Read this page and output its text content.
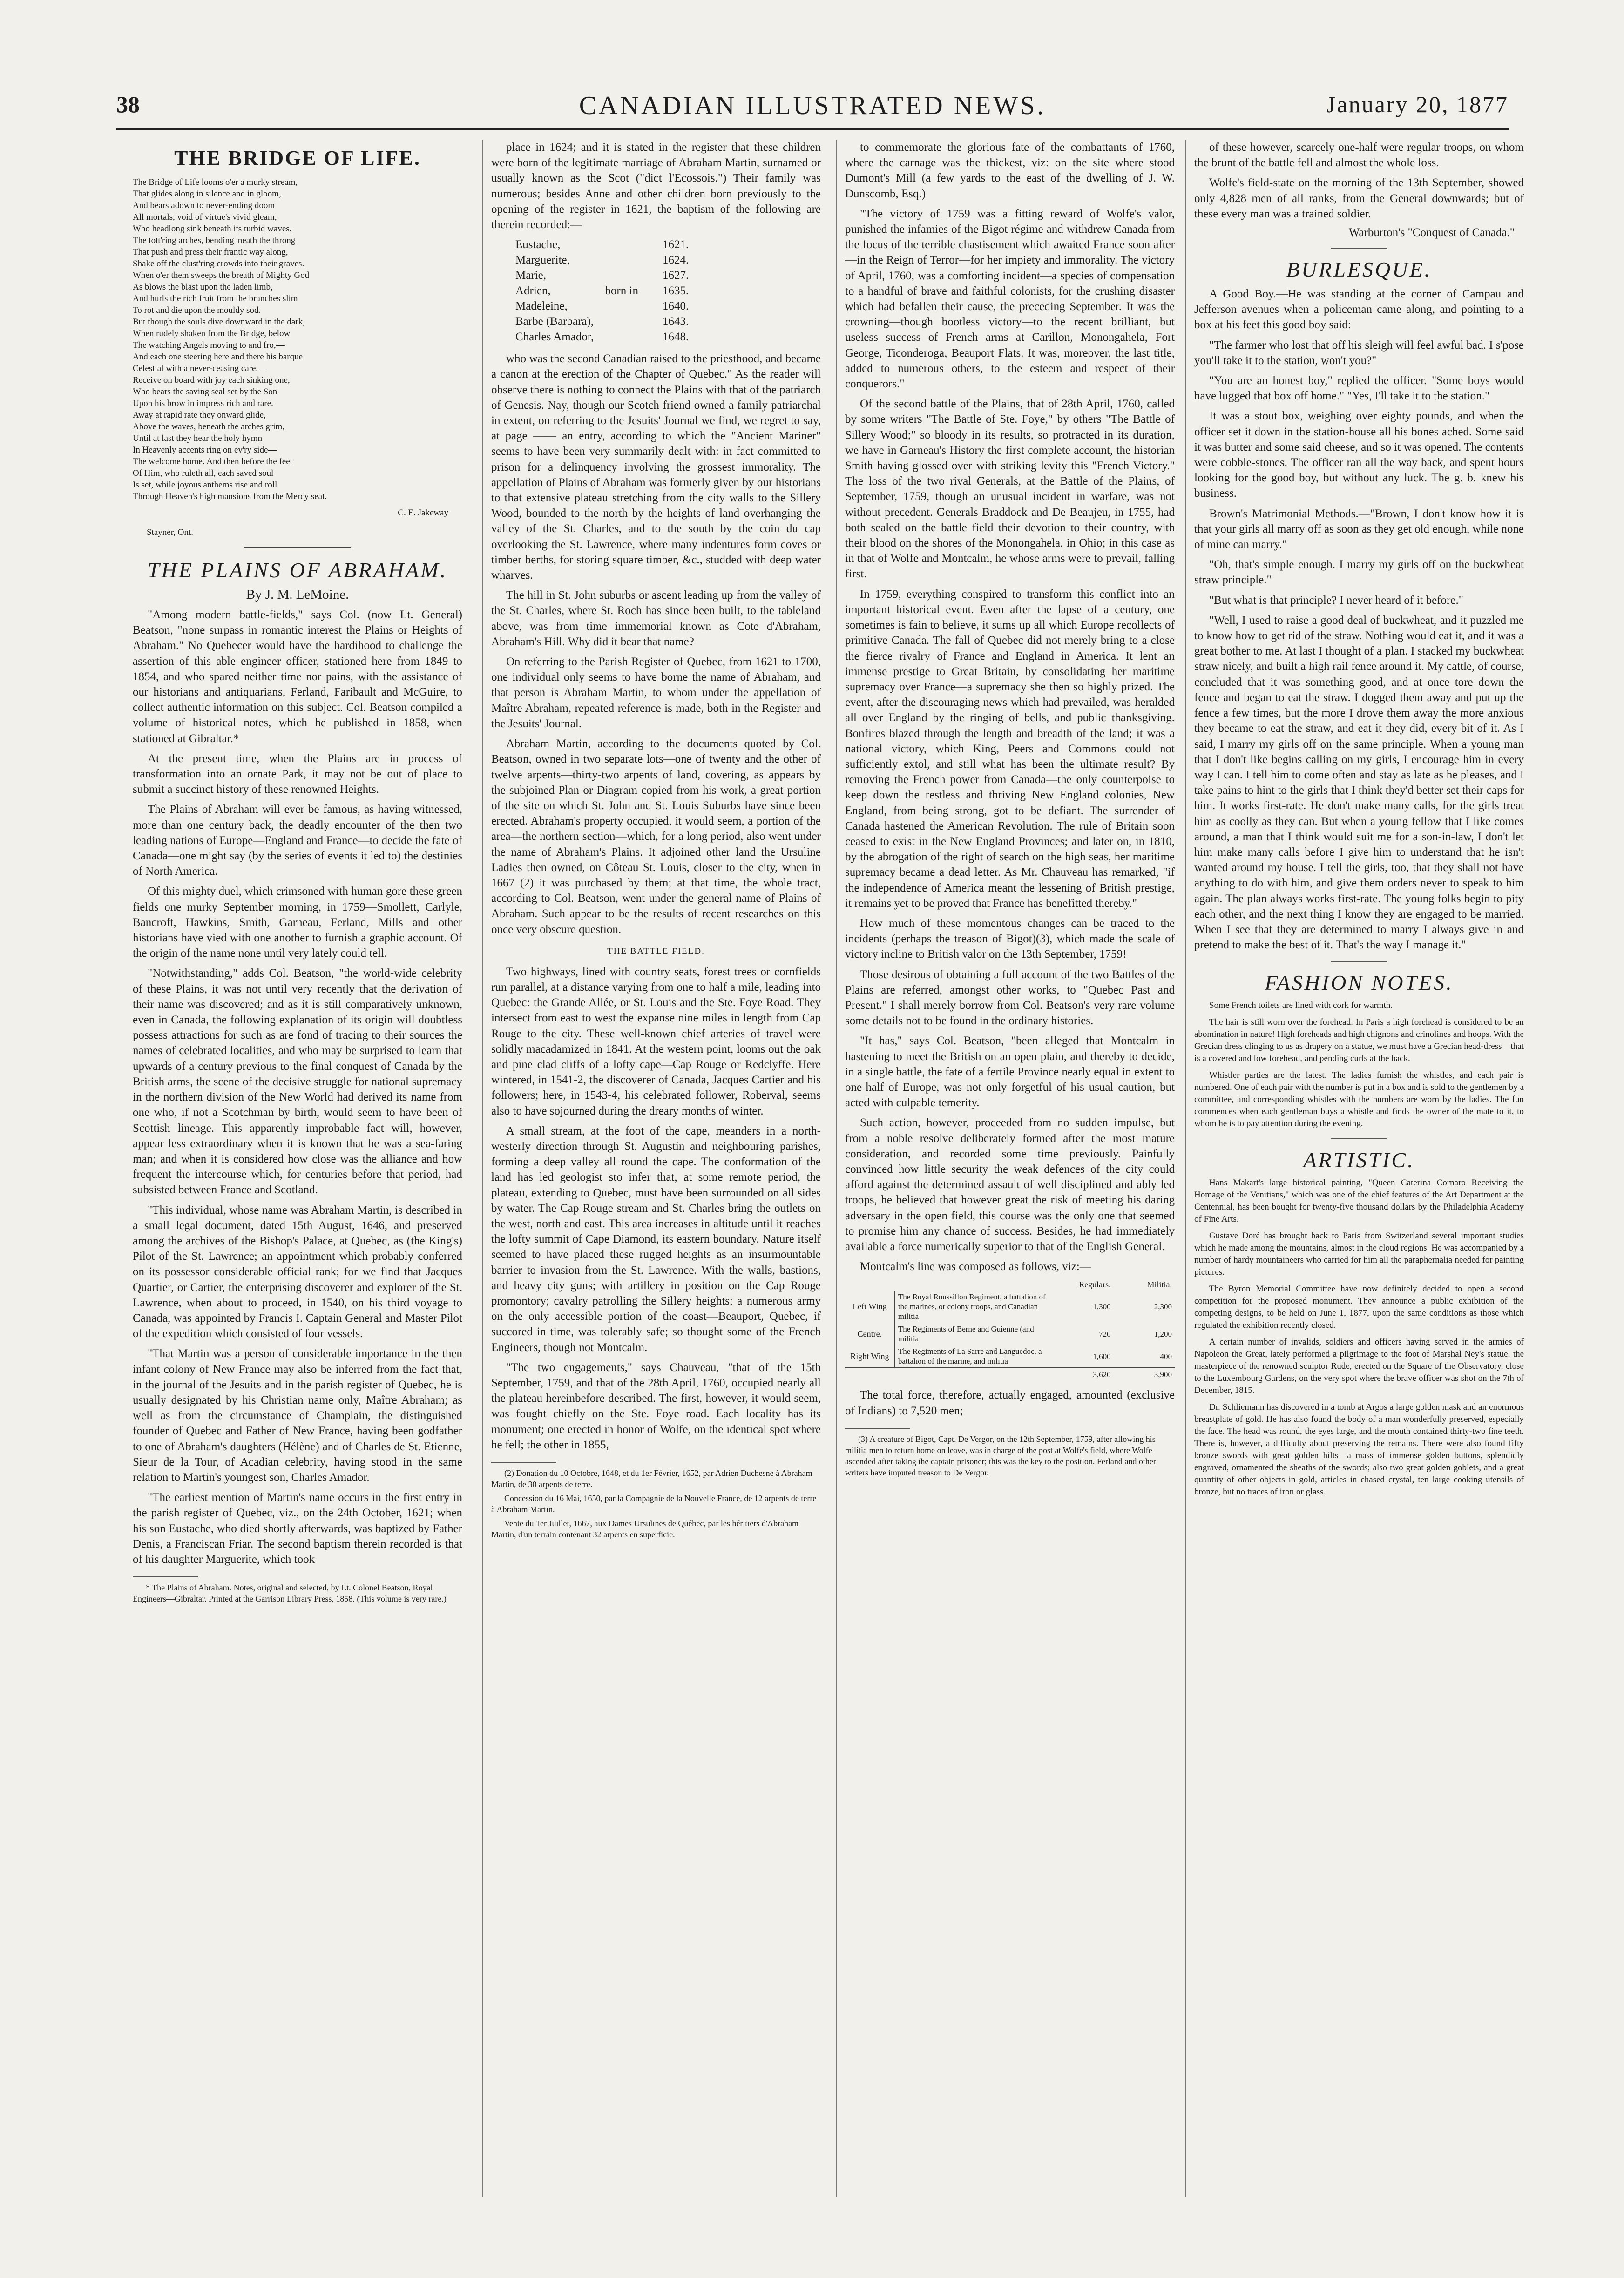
38	CANADIAN ILLUSTRATED NEWS.	January 20, 1877
THE BRIDGE OF LIFE.
The Bridge of Life looms o'er a murky stream,
That glides along in silence and in gloom,
And bears adown to never-ending doom
All mortals, void of virtue's vivid gleam,
Who headlong sink beneath its turbid waves.
The tott'ring arches, bending 'neath the throng
That push and press their frantic way along,
Shake off the clust'ring crowds into their graves.
When o'er them sweeps the breath of Mighty God
As blows the blast upon the laden limb,
And hurls the rich fruit from the branches slim
To rot and die upon the mouldy sod.
But though the souls dive downward in the dark,
When rudely shaken from the Bridge, below
The watching Angels moving to and fro,—
And each one steering here and there his barque
Celestial with a never-ceasing care,—
Receive on board with joy each sinking one,
Who bears the saving seal set by the Son
Upon his brow in impress rich and rare.
Away at rapid rate they onward glide,
Above the waves, beneath the arches grim,
Until at last they hear the holy hymn
In Heavenly accents ring on ev'ry side—
The welcome home. And then before the feet
Of Him, who ruleth all, each saved soul
Is set, while joyous anthems rise and roll
Through Heaven's high mansions from the Mercy seat.
C. E. Jakeway
Stayner, Ont.
THE PLAINS OF ABRAHAM.
By J. M. LeMoine.

"Among modern battle-fields," says Col. (now Lt. General) Beatson, "none surpass in romantic interest the Plains or Heights of Abraham." No Quebecer would have the hardihood to challenge the assertion of this able engineer officer, stationed here from 1849 to 1854, and who spared neither time nor pains, with the assistance of our historians and antiquarians, Ferland, Faribault and McGuire, to collect authentic information on this subject. Col. Beatson compiled a volume of historical notes, which he published in 1858, when stationed at Gibraltar.*

At the present time, when the Plains are in process of transformation into an ornate Park, it may not be out of place to submit a succinct history of these renowned Heights.

The Plains of Abraham will ever be famous, as having witnessed, more than one century back, the deadly encounter of the then two leading nations of Europe—England and France—to decide the fate of Canada—one might say (by the series of events it led to) the destinies of North America.

Of this mighty duel, which crimsoned with human gore these green fields one murky September morning, in 1759—Smollett, Carlyle, Bancroft, Hawkins, Smith, Garneau, Ferland, Mills and other historians have vied with one another to furnish a graphic account. Of the origin of the name none until very lately could tell.

"Notwithstanding," adds Col. Beatson, "the world-wide celebrity of these Plains, it was not until very recently that the derivation of their name was discovered; and as it is still comparatively unknown, even in Canada, the following explanation of its origin will doubtless possess attractions for such as are fond of tracing to their sources the names of celebrated localities, and who may be surprised to learn that upwards of a century previous to the final conquest of Canada by the British arms, the scene of the decisive struggle for national supremacy in the northern division of the New World had derived its name from one who, if not a Scotchman by birth, would seem to have been of Scottish lineage. This apparently improbable fact will, however, appear less extraordinary when it is known that he was a sea-faring man; and when it is considered how close was the alliance and how frequent the intercourse which, for centuries before that period, had subsisted between France and Scotland.

"This individual, whose name was Abraham Martin, is described in a small legal document, dated 15th August, 1646, and preserved among the archives of the Bishop's Palace, at Quebec, as (the King's) Pilot of the St. Lawrence; an appointment which probably conferred on its possessor considerable official rank; for we find that Jacques Quartier, or Cartier, the enterprising discoverer and explorer of the St. Lawrence, when about to proceed, in 1540, on his third voyage to Canada, was appointed by Francis I. Captain General and Master Pilot of the expedition which consisted of four vessels.

"That Martin was a person of considerable importance in the then infant colony of New France may also be inferred from the fact that, in the journal of the Jesuits and in the parish register of Quebec, he is usually designated by his Christian name only, Maître Abraham; as well as from the circumstance of Champlain, the distinguished founder of Quebec and Father of New France, having been godfather to one of Abraham's daughters (Hélène) and of Charles de St. Etienne, Sieur de la Tour, of Acadian celebrity, having stood in the same relation to Martin's youngest son, Charles Amador.

"The earliest mention of Martin's name occurs in the first entry in the parish register of Quebec, viz., on the 24th October, 1621; when his son Eustache, who died shortly afterwards, was baptized by Father Denis, a Franciscan Friar. The second baptism therein recorded is that of his daughter Marguerite, which took

* The Plains of Abraham. Notes, original and selected, by Lt. Colonel Beatson, Royal Engineers—Gibraltar. Printed at the Garrison Library Press, 1858. (This volume is very rare.)

place in 1624; and it is stated in the register that these children were born of the legitimate marriage of Abraham Martin, surnamed or usually known as the Scot ("dict l'Ecossois.") Their family was numerous; besides Anne and other children born previously to the opening of the register in 1621, the baptism of the following are therein recorded:—

Eustache,		1621.
Marguerite,		1624.
Marie,		1627.
Adrien,	born in	1635.
Madeleine,		1640.
Barbe (Barbara),		1643.
Charles Amador,		1648.

who was the second Canadian raised to the priesthood, and became a canon at the erection of the Chapter of Quebec." As the reader will observe there is nothing to connect the Plains with that of the patriarch of Genesis. Nay, though our Scotch friend owned a family patriarchal in extent, on referring to the Jesuits' Journal we find, we regret to say, at page —— an entry, according to which the "Ancient Mariner" seems to have been very summarily dealt with: in fact committed to prison for a delinquency involving the grossest immorality. The appellation of Plains of Abraham was formerly given by our historians to that extensive plateau stretching from the city walls to the Sillery Wood, bounded to the north by the heights of land overhanging the valley of the St. Charles, and to the south by the coin du cap overlooking the St. Lawrence, where many indentures form coves or timber berths, for storing square timber, &c., studded with deep water wharves.

The hill in St. John suburbs or ascent leading up from the valley of the St. Charles, where St. Roch has since been built, to the tableland above, was from time immemorial known as Cote d'Abraham, Abraham's Hill. Why did it bear that name?

On referring to the Parish Register of Quebec, from 1621 to 1700, one individual only seems to have borne the name of Abraham, and that person is Abraham Martin, to whom under the appellation of Maître Abraham, repeated reference is made, both in the Register and the Jesuits' Journal.

Abraham Martin, according to the documents quoted by Col. Beatson, owned in two separate lots—one of twenty and the other of twelve arpents—thirty-two arpents of land, covering, as appears by the subjoined Plan or Diagram copied from his work, a great portion of the site on which St. John and St. Louis Suburbs have since been erected. Abraham's property occupied, it would seem, a portion of the area—the northern section—which, for a long period, also went under the name of Abraham's Plains. It adjoined other land the Ursuline Ladies then owned, on Côteau St. Louis, closer to the city, when in 1667 (2) it was purchased by them; at that time, the whole tract, according to Col. Beatson, went under the general name of Plains of Abraham. Such appear to be the results of recent researches on this once very obscure question.

THE BATTLE FIELD.

Two highways, lined with country seats, forest trees or cornfields run parallel, at a distance varying from one to half a mile, leading into Quebec: the Grande Allée, or St. Louis and the Ste. Foye Road. They intersect from east to west the expanse nine miles in length from Cap Rouge to the city. These well-known chief arteries of travel were solidly macadamized in 1841. At the western point, looms out the oak and pine clad cliffs of a lofty cape—Cap Rouge or Redclyffe. Here wintered, in 1541-2, the discoverer of Canada, Jacques Cartier and his followers; here, in 1543-4, his celebrated follower, Roberval, seems also to have sojourned during the dreary months of winter.

A small stream, at the foot of the cape, meanders in a north-westerly direction through St. Augustin and neighbouring parishes, forming a deep valley all round the cape. The conformation of the land has led geologist sto infer that, at some remote period, the plateau, extending to Quebec, must have been surrounded on all sides by water. The Cap Rouge stream and St. Charles bring the outlets on the west, north and east. This area increases in altitude until it reaches the lofty summit of Cape Diamond, its eastern boundary. Nature itself seemed to have placed these rugged heights as an insurmountable barrier to invasion from the St. Lawrence. With the walls, bastions, and heavy city guns; with artillery in position on the Cap Rouge promontory; cavalry patrolling the Sillery heights; a numerous army on the only accessible portion of the coast—Beauport, Quebec, if succored in time, was tolerably safe; so thought some of the French Engineers, though not Montcalm.

"The two engagements," says Chauveau, "that of the 15th September, 1759, and that of the 28th April, 1760, occupied nearly all the plateau hereinbefore described. The first, however, it would seem, was fought chiefly on the Ste. Foye road. Each locality has its monument; one erected in honor of Wolfe, on the identical spot where he fell; the other in 1855,

(2) Donation du 10 Octobre, 1648, et du 1er Février, 1652, par Adrien Duchesne à Abraham Martin, de 30 arpents de terre.
Concession du 16 Mai, 1650, par la Compagnie de la Nouvelle France, de 12 arpents de terre à Abraham Martin.
Vente du 1er Juillet, 1667, aux Dames Ursulines de Québec, par les héritiers d'Abraham Martin, d'un terrain contenant 32 arpents en superficie.

to commemorate the glorious fate of the combattants of 1760, where the carnage was the thickest, viz: on the site where stood Dumont's Mill (a few yards to the east of the dwelling of J. W. Dunscomb, Esq.)

"The victory of 1759 was a fitting reward of Wolfe's valor, punished the infamies of the Bigot régime and withdrew Canada from the focus of the terrible chastisement which awaited France soon after—in the Reign of Terror—for her impiety and immorality. The victory of April, 1760, was a comforting incident—a species of compensation to a handful of brave and faithful colonists, for the crushing disaster which had befallen their cause, the preceding September. It was the crowning—though bootless victory—to the recent brilliant, but useless success of French arms at Carillon, Monongahela, Fort George, Ticonderoga, Beauport Flats. It was, moreover, the last title, added to numerous others, to the esteem and respect of their conquerors."

Of the second battle of the Plains, that of 28th April, 1760, called by some writers "The Battle of Ste. Foye," by others "The Battle of Sillery Wood;" so bloody in its results, so protracted in its duration, we have in Garneau's History the first complete account, the historian Smith having glossed over with striking levity this "French Victory." The loss of the two rival Generals, at the Battle of the Plains, of September, 1759, though an unusual incident in warfare, was not without precedent. Generals Braddock and De Beaujeu, in 1755, had both sealed on the battle field their devotion to their country, with their blood on the shores of the Monongahela, in Ohio; in this case as in that of Wolfe and Montcalm, he whose arms were to prevail, falling first.

In 1759, everything conspired to transform this conflict into an important historical event. Even after the lapse of a century, one sometimes is fain to believe, it sums up all which Europe recollects of primitive Canada. The fall of Quebec did not merely bring to a close the fierce rivalry of France and England in America. It lent an immense prestige to Great Britain, by consolidating her maritime supremacy over France—a supremacy she then so highly prized. The event, after the discouraging news which had prevailed, was heralded all over England by the ringing of bells, and public thanksgiving. Bonfires blazed through the length and breadth of the land; it was a national victory, which King, Peers and Commons could not sufficiently extol, and still what has been the ultimate result? By removing the French power from Canada—the only counterpoise to keep down the restless and thriving New England colonies, New England, from being strong, got to be defiant. The surrender of Canada hastened the American Revolution. The rule of Britain soon ceased to exist in the New England Provinces; and later on, in 1810, by the abrogation of the right of search on the high seas, her maritime supremacy became a dead letter. As Mr. Chauveau has remarked, "if the independence of America meant the lessening of British prestige, it remains yet to be proved that France has benefitted thereby."

How much of these momentous changes can be traced to the incidents (perhaps the treason of Bigot)(3), which made the scale of victory incline to British valor on the 13th September, 1759!

Those desirous of obtaining a full account of the two Battles of the Plains are referred, amongst other works, to "Quebec Past and Present." I shall merely borrow from Col. Beatson's very rare volume some details not to be found in the ordinary histories.

"It has," says Col. Beatson, "been alleged that Montcalm in hastening to meet the British on an open plain, and thereby to decide, in a single battle, the fate of a fertile Province nearly equal in extent to one-half of Europe, was not only forgetful of his usual caution, but acted with culpable temerity.

Such action, however, proceeded from no sudden impulse, but from a noble resolve deliberately formed after the most mature consideration, and recorded some time previously. Painfully convinced how little security the weak defences of the city could afford against the determined assault of well disciplined and ably led troops, he believed that however great the risk of meeting his daring adversary in the open field, this course was the only one that seemed to promise him any chance of success. Besides, he had immediately available a force numerically superior to that of the English General.

Montcalm's line was composed as follows, viz:—

		Regulars.	Militia.
Left Wing	The Royal Roussillon Regiment, a battalion of the marines, or colony troops, and Canadian militia	1,300	2,300
Centre.	The Regiments of Berne and Guienne (and militia	720	1,200
Right Wing	The Regiments of La Sarre and Languedoc, a battalion of the marine, and militia	1,600	400
		3,620	3,900

The total force, therefore, actually engaged, amounted (exclusive of Indians) to 7,520 men;

(3) A creature of Bigot, Capt. De Vergor, on the 12th September, 1759, after allowing his militia men to return home on leave, was in charge of the post at Wolfe's field, where Wolfe ascended after taking the captain prisoner; this was the key to the position. Ferland and other writers have imputed treason to De Vergor.

of these however, scarcely one-half were regular troops, on whom the brunt of the battle fell and almost the whole loss.

Wolfe's field-state on the morning of the 13th September, showed only 4,828 men of all ranks, from the General downwards; but of these every man was a trained soldier.

Warburton's "Conquest of Canada."
BURLESQUE.

A Good Boy.—He was standing at the corner of Campau and Jefferson avenues when a policeman came along, and pointing to a box at his feet this good boy said:

"The farmer who lost that off his sleigh will feel awful bad. I s'pose you'll take it to the station, won't you?"

"You are an honest boy," replied the officer. "Some boys would have lugged that box off home." "Yes, I'll take it to the station."

It was a stout box, weighing over eighty pounds, and when the officer set it down in the station-house all his bones ached. Some said it was butter and some said cheese, and so it was opened. The contents were cobble-stones. The officer ran all the way back, and spent hours looking for the good boy, but without any luck. The g. b. knew his business.

Brown's Matrimonial Methods.—"Brown, I don't know how it is that your girls all marry off as soon as they get old enough, while none of mine can marry."

"Oh, that's simple enough. I marry my girls off on the buckwheat straw principle."

"But what is that principle? I never heard of it before."

"Well, I used to raise a good deal of buckwheat, and it puzzled me to know how to get rid of the straw. Nothing would eat it, and it was a great bother to me. At last I thought of a plan. I stacked my buckwheat straw nicely, and built a high rail fence around it. My cattle, of course, concluded that it was something good, and at once tore down the fence and began to eat the straw. I dogged them away and put up the fence a few times, but the more I drove them away the more anxious they became to eat the straw, and eat it they did, every bit of it. As I said, I marry my girls off on the same principle. When a young man that I don't like begins calling on my girls, I encourage him in every way I can. I tell him to come often and stay as late as he pleases, and I take pains to hint to the girls that I think they'd better set their caps for him. It works first-rate. He don't make many calls, for the girls treat him as coolly as they can. But when a young fellow that I like comes around, a man that I think would suit me for a son-in-law, I don't let him make many calls before I give him to understand that he isn't wanted around my house. I tell the girls, too, that they shall not have anything to do with him, and give them orders never to speak to him again. The plan always works first-rate. The young folks begin to pity each other, and the next thing I know they are engaged to be married. When I see that they are determined to marry I always give in and pretend to make the best of it. That's the way I manage it."

FASHION NOTES.

Some French toilets are lined with cork for warmth.

The hair is still worn over the forehead. In Paris a high forehead is considered to be an abomination in nature! High foreheads and high chignons and crinolines and hoops. With the Grecian dress clinging to us as drapery on a statue, we must have a Grecian head-dress—that is a covered and low forehead, and pending curls at the back.

Whistler parties are the latest. The ladies furnish the whistles, and each pair is numbered. One of each pair with the number is put in a box and is sold to the gentlemen by a committee, and corresponding whistles with the numbers are worn by the ladies. The fun commences when each gentleman buys a whistle and finds the owner of the mate to it, to whom he is to pay attention during the evening.

ARTISTIC.

Hans Makart's large historical painting, "Queen Caterina Cornaro Receiving the Homage of the Venitians," which was one of the chief features of the Art Department at the Centennial, has been bought for twenty-five thousand dollars by the Philadelphia Academy of Fine Arts.

Gustave Doré has brought back to Paris from Switzerland several important studies which he made among the mountains, almost in the cloud regions. He was accompanied by a number of hardy mountaineers who carried for him all the paraphernalia needed for painting pictures.

The Byron Memorial Committee have now definitely decided to open a second competition for the proposed monument. They announce a public exhibition of the competing designs, to be held on June 1, 1877, upon the same conditions as those which regulated the exhibition recently closed.

A certain number of invalids, soldiers and officers having served in the armies of Napoleon the Great, lately performed a pilgrimage to the foot of Marshal Ney's statue, the masterpiece of the renowned sculptor Rude, erected on the Square of the Observatory, close to the Luxembourg Gardens, on the very spot where the brave officer was shot on the 7th of December, 1815.

Dr. Schliemann has discovered in a tomb at Argos a large golden mask and an enormous breastplate of gold. He has also found the body of a man wonderfully preserved, especially the face. The head was round, the eyes large, and the mouth contained thirty-two fine teeth. There is, however, a difficulty about preserving the remains. There were also found fifty bronze swords with great golden hilts—a mass of immense golden buttons, splendidly engraved, ornamented the sheaths of the swords; also two great golden goblets, and a great quantity of other objects in gold, articles in chased crystal, ten large cooking utensils of bronze, but no traces of iron or glass.
